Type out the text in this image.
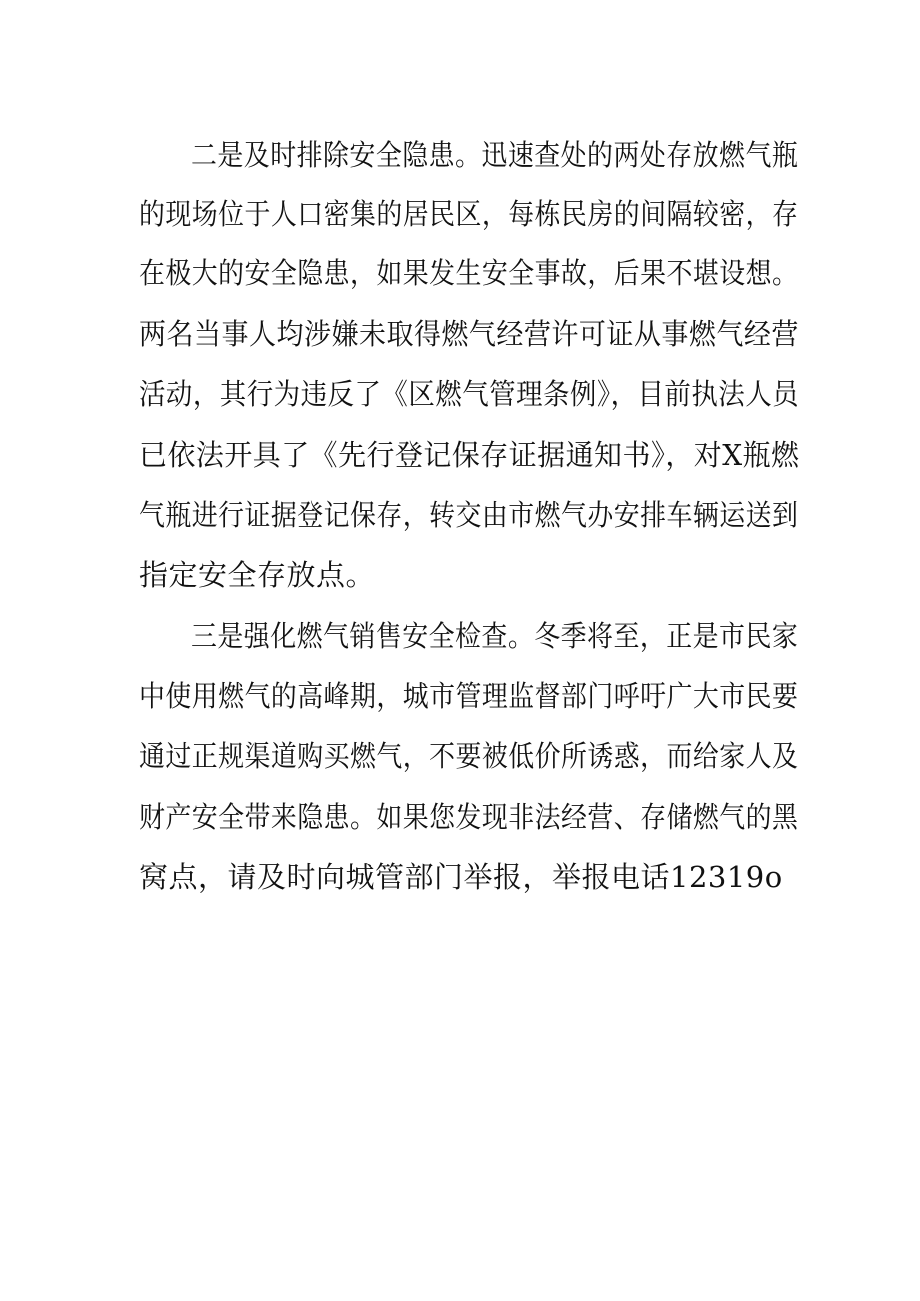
二是及时排除安全隐患。迅速查处的两处存放燃气瓶
的现场位于人口密集的居民区，每栋民房的间隔较密，存
在极大的安全隐患，如果发生安全事故，后果不堪设想。
两名当事人均涉嫌未取得燃气经营许可证从事燃气经营
活动，其行为违反了《区燃气管理条例》，目前执法人员
已依法开具了《先行登记保存证据通知书》，对X瓶燃
气瓶进行证据登记保存，转交由市燃气办安排车辆运送到
指定安全存放点。
三是强化燃气销售安全检查。冬季将至，正是市民家
中使用燃气的高峰期，城市管理监督部门呼吁广大市民要
通过正规渠道购买燃气，不要被低价所诱惑，而给家人及
财产安全带来隐患。如果您发现非法经营、存储燃气的黑
窝点，请及时向城管部门举报，举报电话12319o
